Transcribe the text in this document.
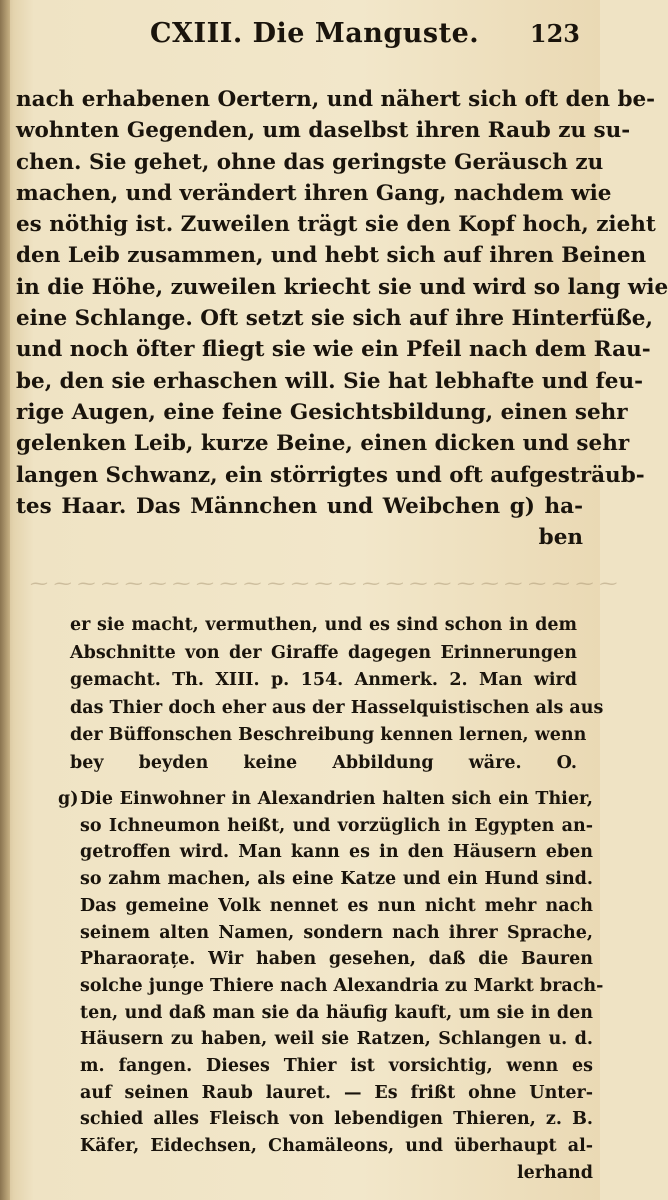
CXIII. Die Manguste. 123
nach erhabenen Oertern, und nähert sich oft den be-
wohnten Gegenden, um daselbst ihren Raub zu su-
chen. Sie gehet, ohne das geringste Geräusch zu
machen, und verändert ihren Gang, nachdem wie
es nöthig ist. Zuweilen trägt sie den Kopf hoch, zieht
den Leib zusammen, und hebt sich auf ihren Beinen
in die Höhe, zuweilen kriecht sie und wird so lang wie
eine Schlange. Oft setzt sie sich auf ihre Hinterfüße,
und noch öfter fliegt sie wie ein Pfeil nach dem Rau-
be, den sie erhaschen will. Sie hat lebhafte und feu-
rige Augen, eine feine Gesichtsbildung, einen sehr
gelenken Leib, kurze Beine, einen dicken und sehr
langen Schwanz, ein störrigtes und oft aufgesträub-
tes Haar. Das Männchen und Weibchen g) ha-
ben
⁓ ⁓ ⁓ ⁓ ⁓ ⁓ ⁓ ⁓ ⁓ ⁓ ⁓ ⁓ ⁓ ⁓ ⁓ ⁓ ⁓ ⁓ ⁓ ⁓ ⁓ ⁓ ⁓ ⁓ ⁓
er sie macht, vermuthen, und es sind schon in dem
Abschnitte von der Giraffe dagegen Erinnerungen
gemacht. Th. XIII. p. 154. Anmerk. 2. Man wird
das Thier doch eher aus der Hasselquistischen als aus
der Büffonschen Beschreibung kennen lernen, wenn
bey beyden keine Abbildung wäre. O.
g) Die Einwohner in Alexandrien halten sich ein Thier,
so Ichneumon heißt, und vorzüglich in Egypten an-
getroffen wird. Man kann es in den Häusern eben
so zahm machen, als eine Katze und ein Hund sind.
Das gemeine Volk nennet es nun nicht mehr nach
seinem alten Namen, sondern nach ihrer Sprache,
Pharaorațe. Wir haben gesehen, daß die Bauren
solche junge Thiere nach Alexandria zu Markt brach-
ten, und daß man sie da häufig kauft, um sie in den
Häusern zu haben, weil sie Ratzen, Schlangen u. d.
m. fangen. Dieses Thier ist vorsichtig, wenn es
auf seinen Raub lauret. — Es frißt ohne Unter-
schied alles Fleisch von lebendigen Thieren, z. B.
Käfer, Eidechsen, Chamäleons, und überhaupt al-
lerhand
